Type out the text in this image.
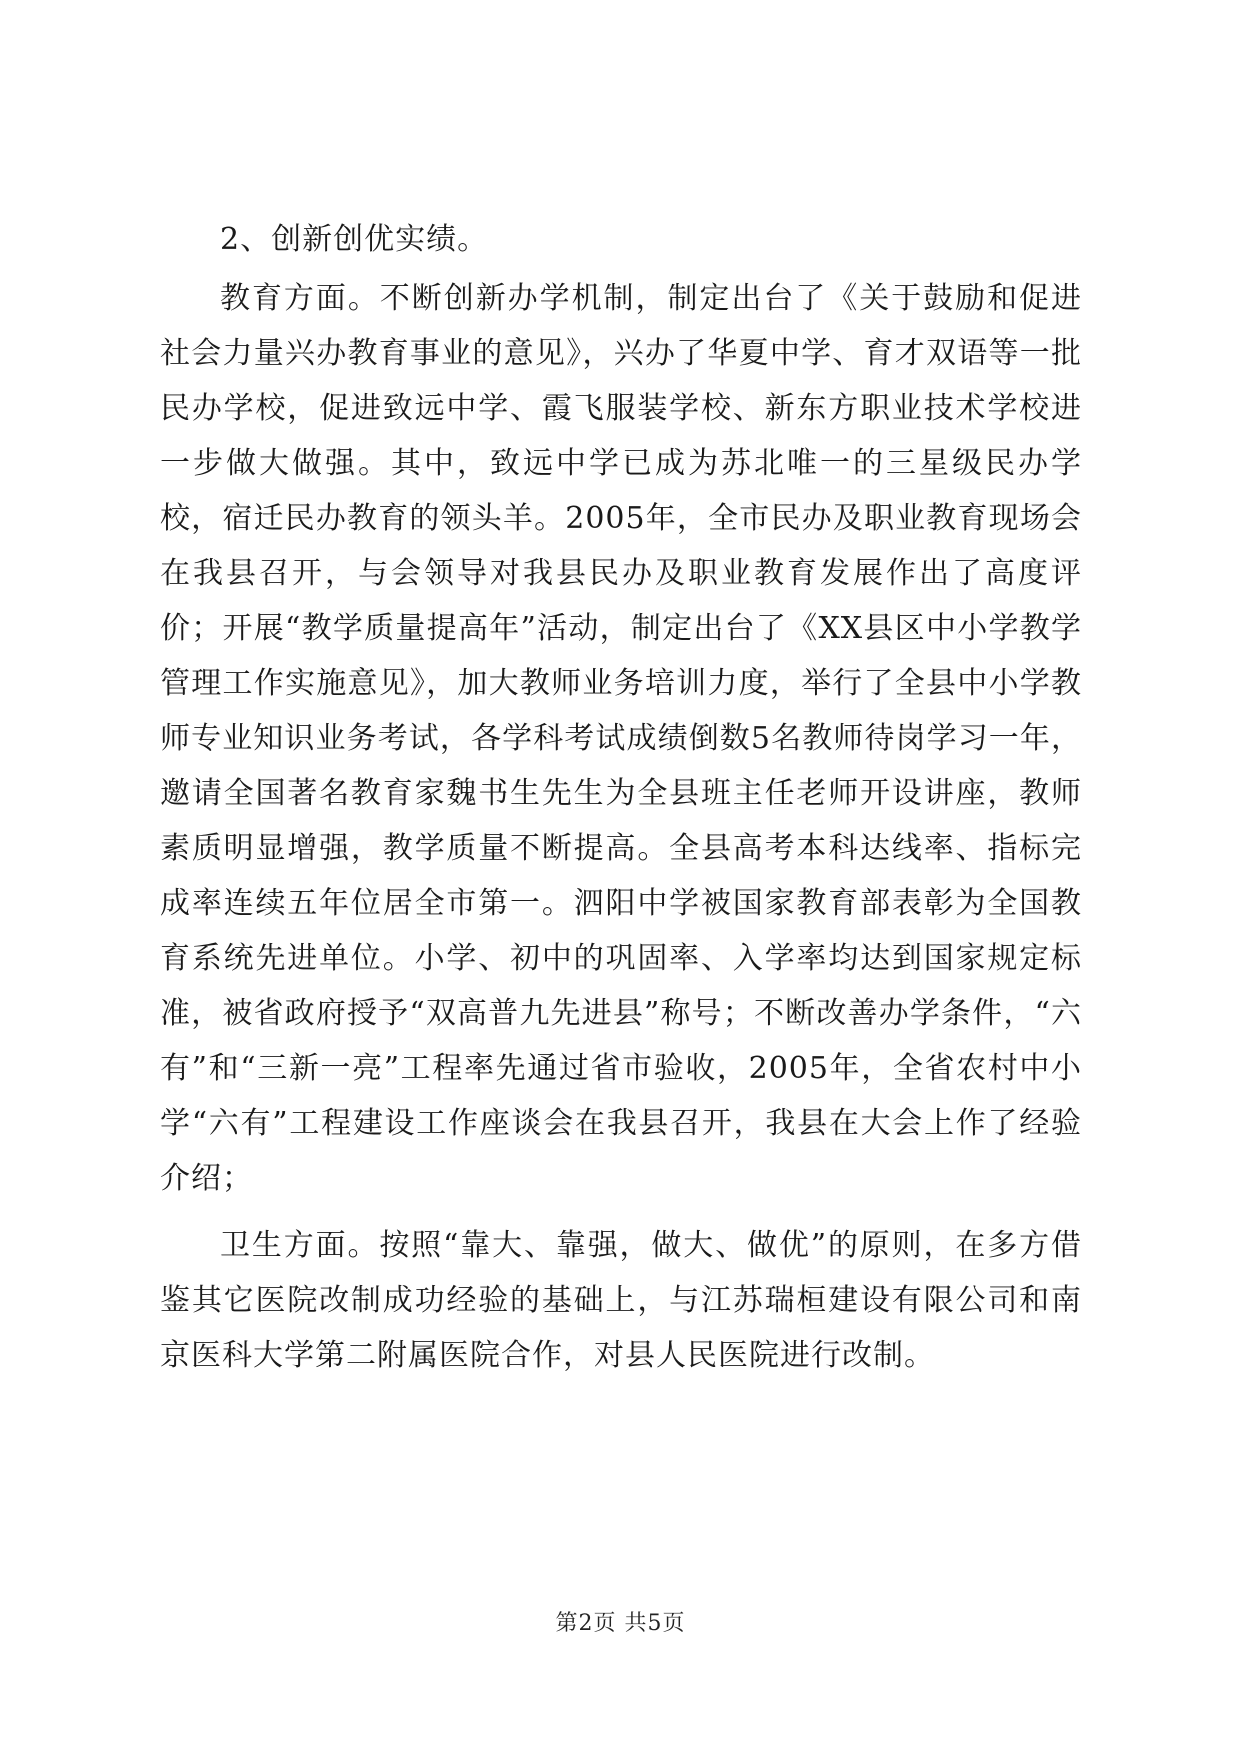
2、创新创优实绩。

教育方面。不断创新办学机制，制定出台了《关于鼓励和促进社会力量兴办教育事业的意见》，兴办了华夏中学、育才双语等一批民办学校，促进致远中学、霞飞服装学校、新东方职业技术学校进一步做大做强。其中，致远中学已成为苏北唯一的三星级民办学校，宿迁民办教育的领头羊。2005年，全市民办及职业教育现场会在我县召开，与会领导对我县民办及职业教育发展作出了高度评价；开展“教学质量提高年”活动，制定出台了《XX县区中小学教学管理工作实施意见》，加大教师业务培训力度，举行了全县中小学教师专业知识业务考试，各学科考试成绩倒数5名教师待岗学习一年，邀请全国著名教育家魏书生先生为全县班主任老师开设讲座，教师素质明显增强，教学质量不断提高。全县高考本科达线率、指标完成率连续五年位居全市第一。泗阳中学被国家教育部表彰为全国教育系统先进单位。小学、初中的巩固率、入学率均达到国家规定标准，被省政府授予“双高普九先进县”称号；不断改善办学条件，“六有”和“三新一亮”工程率先通过省市验收，2005年，全省农村中小学“六有”工程建设工作座谈会在我县召开，我县在大会上作了经验介绍；

卫生方面。按照“靠大、靠强，做大、做优”的原则，在多方借鉴其它医院改制成功经验的基础上，与江苏瑞桓建设有限公司和南京医科大学第二附属医院合作，对县人民医院进行改制。

第2页 共5页
